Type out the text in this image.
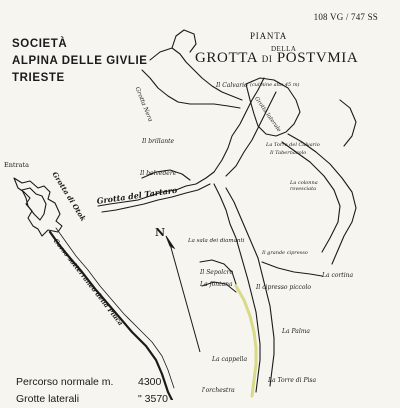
108 VG / 747 SS
SOCIETÀ
ALPINA DELLE GIVLIE
TRIESTE
PIANTA
DELLA
GROTTA DI POSTVMIA
N
Grotta Nera
Il Calvario (culmine alto 45 m)
Grotta laterale
Il brillante	La Torre del Calvario
Il Tabernacolo
Il belvedere
La colonna rovesciata
Grotta del Tartaro
La sala dei diamanti
Il grande cipresso
Il Sepolcro	La cortina
La fontana	Il cipresso piccolo
Entrata
Grotta di Otok
Corso sotterraneo della Piuca
La Palma
La cappella
La Torre di Pisa
l'orchestra
Percorso normale m. 4300
Grotte laterali	" 3570
